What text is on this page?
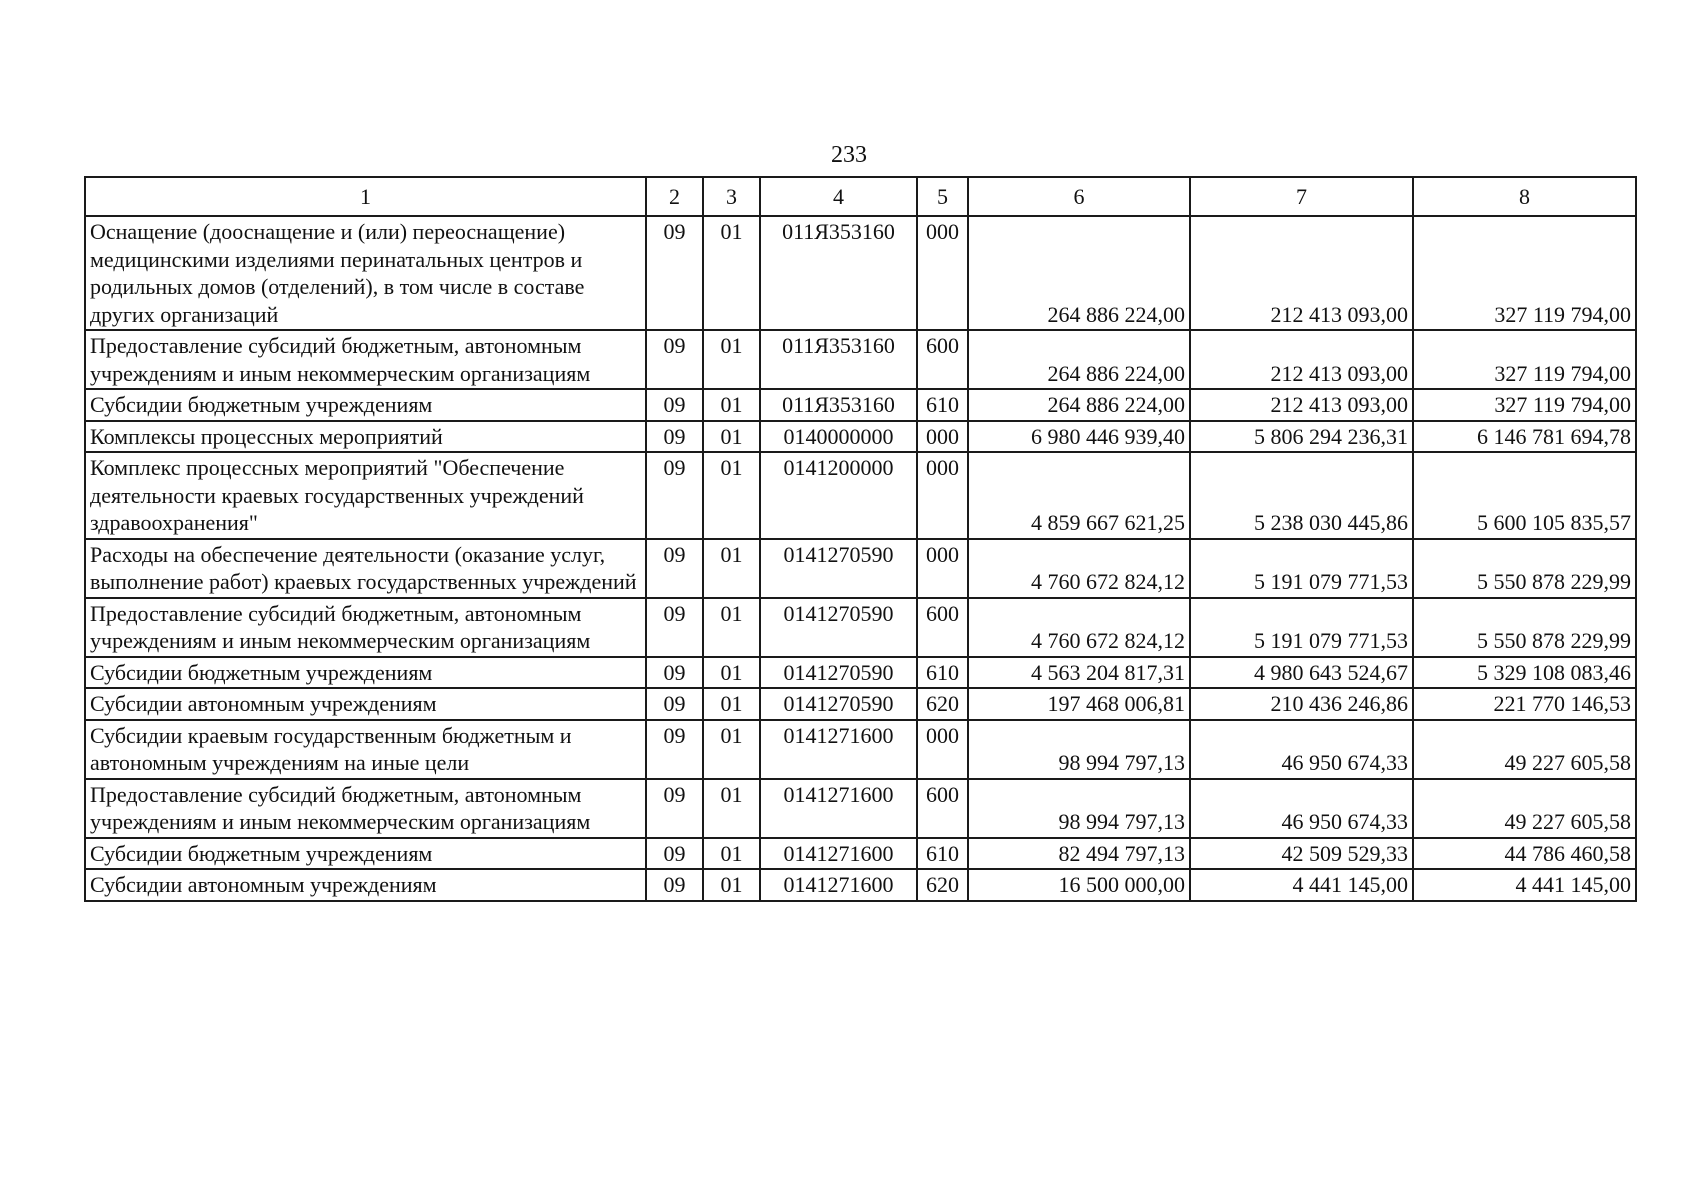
233
1	2	3	4	5	6	7	8
Оснащение (дооснащение и (или) переоснащение) медицинскими изделиями перинатальных центров и родильных домов (отделений), в том числе в составе других организаций	09	01	011Я353160	000	264 886 224,00	212 413 093,00	327 119 794,00
Предоставление субсидий бюджетным, автономным учреждениям и иным некоммерческим организациям	09	01	011Я353160	600	264 886 224,00	212 413 093,00	327 119 794,00
Субсидии бюджетным учреждениям	09	01	011Я353160	610	264 886 224,00	212 413 093,00	327 119 794,00
Комплексы процессных мероприятий	09	01	0140000000	000	6 980 446 939,40	5 806 294 236,31	6 146 781 694,78
Комплекс процессных мероприятий "Обеспечение деятельности краевых государственных учреждений здравоохранения"	09	01	0141200000	000	4 859 667 621,25	5 238 030 445,86	5 600 105 835,57
Расходы на обеспечение деятельности (оказание услуг, выполнение работ) краевых государственных учреждений	09	01	0141270590	000	4 760 672 824,12	5 191 079 771,53	5 550 878 229,99
Предоставление субсидий бюджетным, автономным учреждениям и иным некоммерческим организациям	09	01	0141270590	600	4 760 672 824,12	5 191 079 771,53	5 550 878 229,99
Субсидии бюджетным учреждениям	09	01	0141270590	610	4 563 204 817,31	4 980 643 524,67	5 329 108 083,46
Субсидии автономным учреждениям	09	01	0141270590	620	197 468 006,81	210 436 246,86	221 770 146,53
Субсидии краевым государственным бюджетным и автономным учреждениям на иные цели	09	01	0141271600	000	98 994 797,13	46 950 674,33	49 227 605,58
Предоставление субсидий бюджетным, автономным учреждениям и иным некоммерческим организациям	09	01	0141271600	600	98 994 797,13	46 950 674,33	49 227 605,58
Субсидии бюджетным учреждениям	09	01	0141271600	610	82 494 797,13	42 509 529,33	44 786 460,58
Субсидии автономным учреждениям	09	01	0141271600	620	16 500 000,00	4 441 145,00	4 441 145,00
